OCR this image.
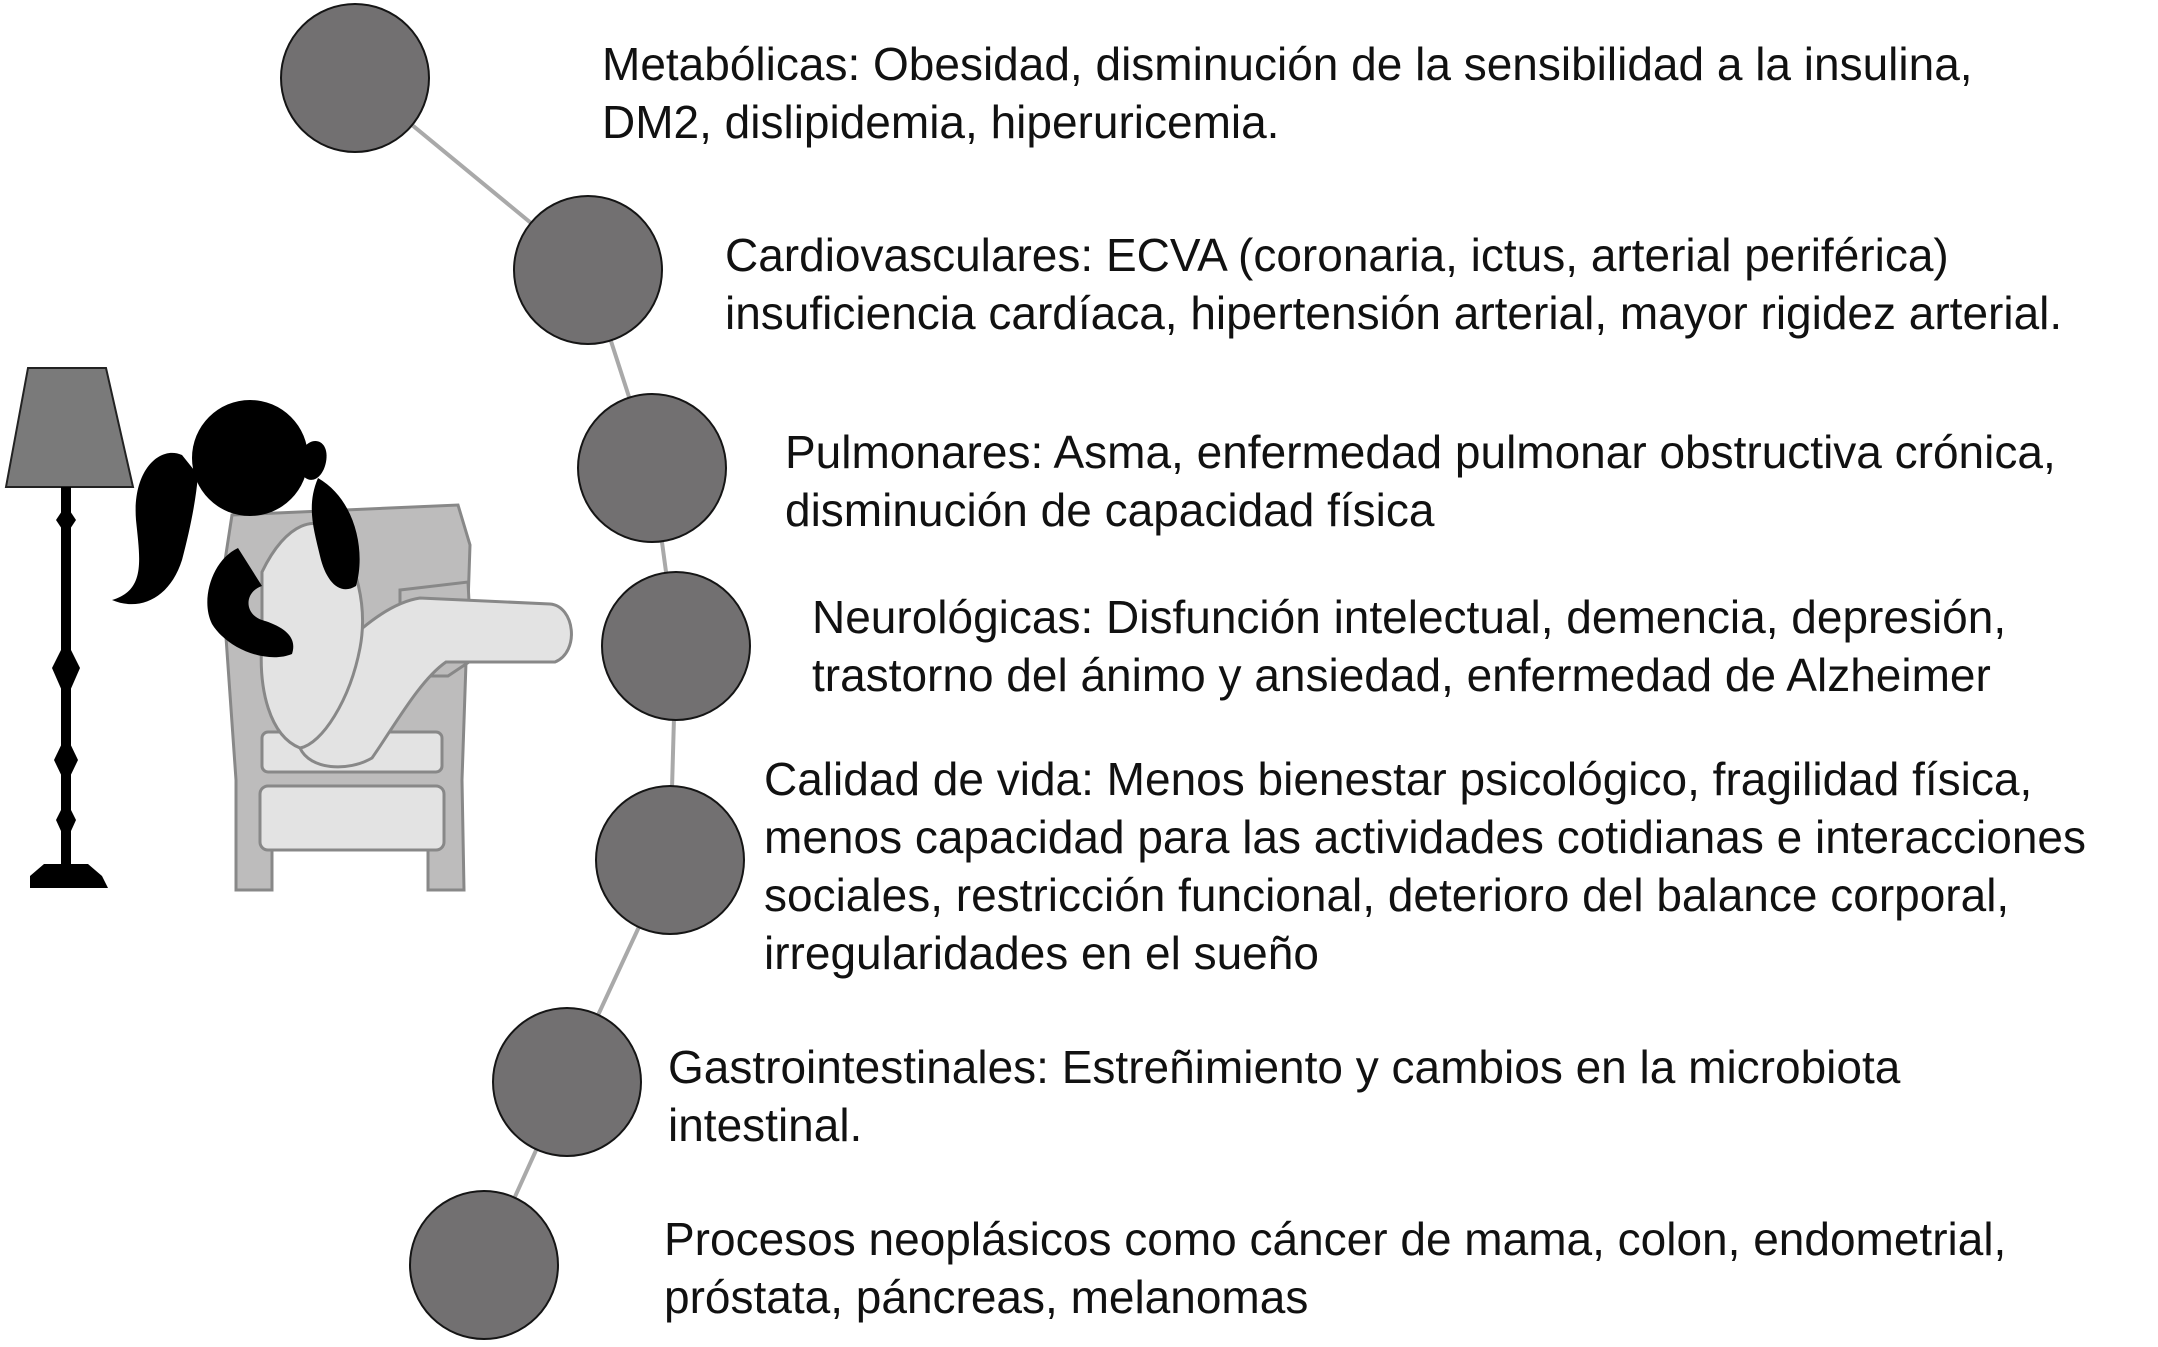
Metabólicas: Obesidad, disminución de la sensibilidad a la insulina,
DM2, dislipidemia, hiperuricemia.

Cardiovasculares: ECVA (coronaria, ictus, arterial periférica)
insuficiencia cardíaca, hipertensión arterial, mayor rigidez arterial.

Pulmonares: Asma, enfermedad pulmonar obstructiva crónica,
disminución de capacidad física

Neurológicas: Disfunción intelectual, demencia, depresión,
trastorno del ánimo y ansiedad, enfermedad de Alzheimer

Calidad de vida: Menos bienestar psicológico, fragilidad física,
menos capacidad para las actividades cotidianas e interacciones
sociales, restricción funcional, deterioro del balance corporal,
irregularidades en el sueño

Gastrointestinales: Estreñimiento y cambios en la microbiota
intestinal.

Procesos neoplásicos como cáncer de mama, colon, endometrial,
próstata, páncreas, melanomas
